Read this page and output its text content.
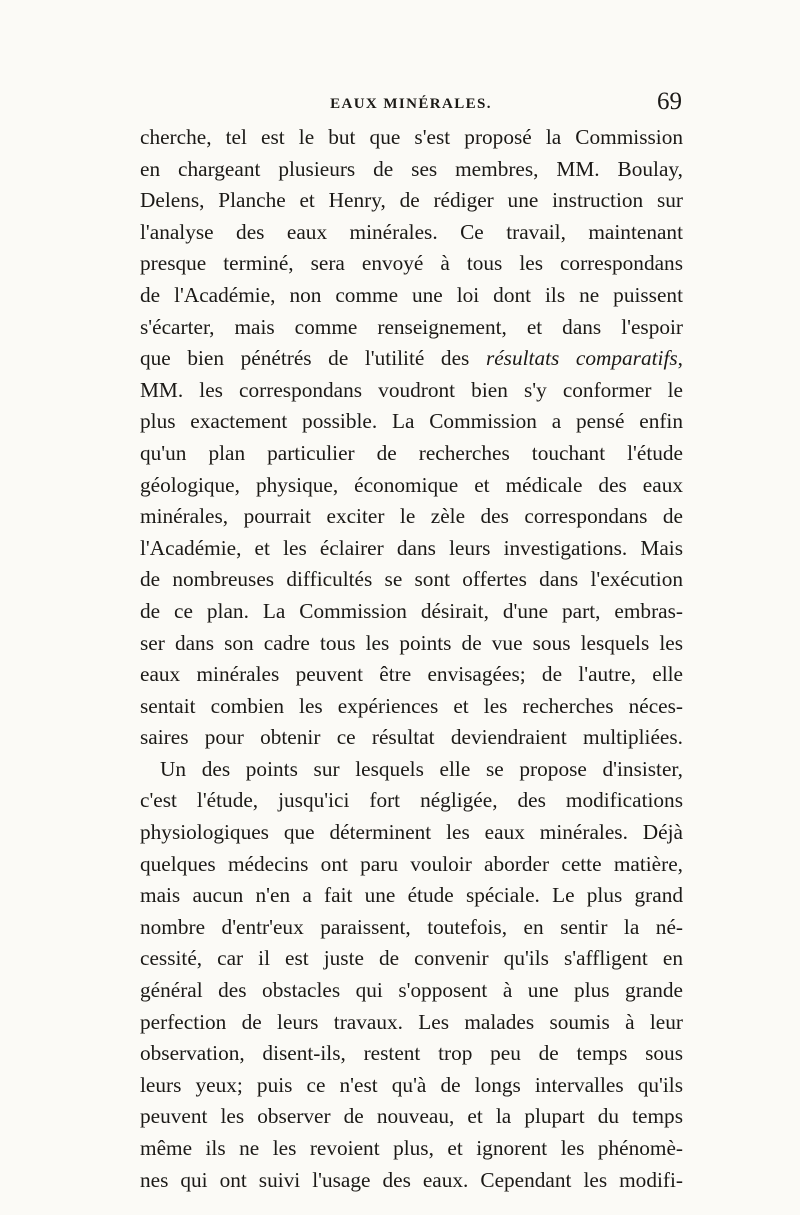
EAUX MINÉRALES.	69
cherche, tel est le but que s'est proposé la Commission
en chargeant plusieurs de ses membres, MM. Boulay,
Delens, Planche et Henry, de rédiger une instruction sur
l'analyse des eaux minérales. Ce travail, maintenant
presque terminé, sera envoyé à tous les correspondans
de l'Académie, non comme une loi dont ils ne puissent
s'écarter, mais comme renseignement, et dans l'espoir
que bien pénétrés de l'utilité des résultats comparatifs,
MM. les correspondans voudront bien s'y conformer le
plus exactement possible. La Commission a pensé enfin
qu'un plan particulier de recherches touchant l'étude
géologique, physique, économique et médicale des eaux
minérales, pourrait exciter le zèle des correspondans de
l'Académie, et les éclairer dans leurs investigations. Mais
de nombreuses difficultés se sont offertes dans l'exécution
de ce plan. La Commission désirait, d'une part, embras-
ser dans son cadre tous les points de vue sous lesquels les
eaux minérales peuvent être envisagées; de l'autre, elle
sentait combien les expériences et les recherches néces-
saires pour obtenir ce résultat deviendraient multipliées.
Un des points sur lesquels elle se propose d'insister,
c'est l'étude, jusqu'ici fort négligée, des modifications
physiologiques que déterminent les eaux minérales. Déjà
quelques médecins ont paru vouloir aborder cette matière,
mais aucun n'en a fait une étude spéciale. Le plus grand
nombre d'entr'eux paraissent, toutefois, en sentir la né-
cessité, car il est juste de convenir qu'ils s'affligent en
général des obstacles qui s'opposent à une plus grande
perfection de leurs travaux. Les malades soumis à leur
observation, disent-ils, restent trop peu de temps sous
leurs yeux; puis ce n'est qu'à de longs intervalles qu'ils
peuvent les observer de nouveau, et la plupart du temps
même ils ne les revoient plus, et ignorent les phénomè-
nes qui ont suivi l'usage des eaux. Cependant les modifi-
